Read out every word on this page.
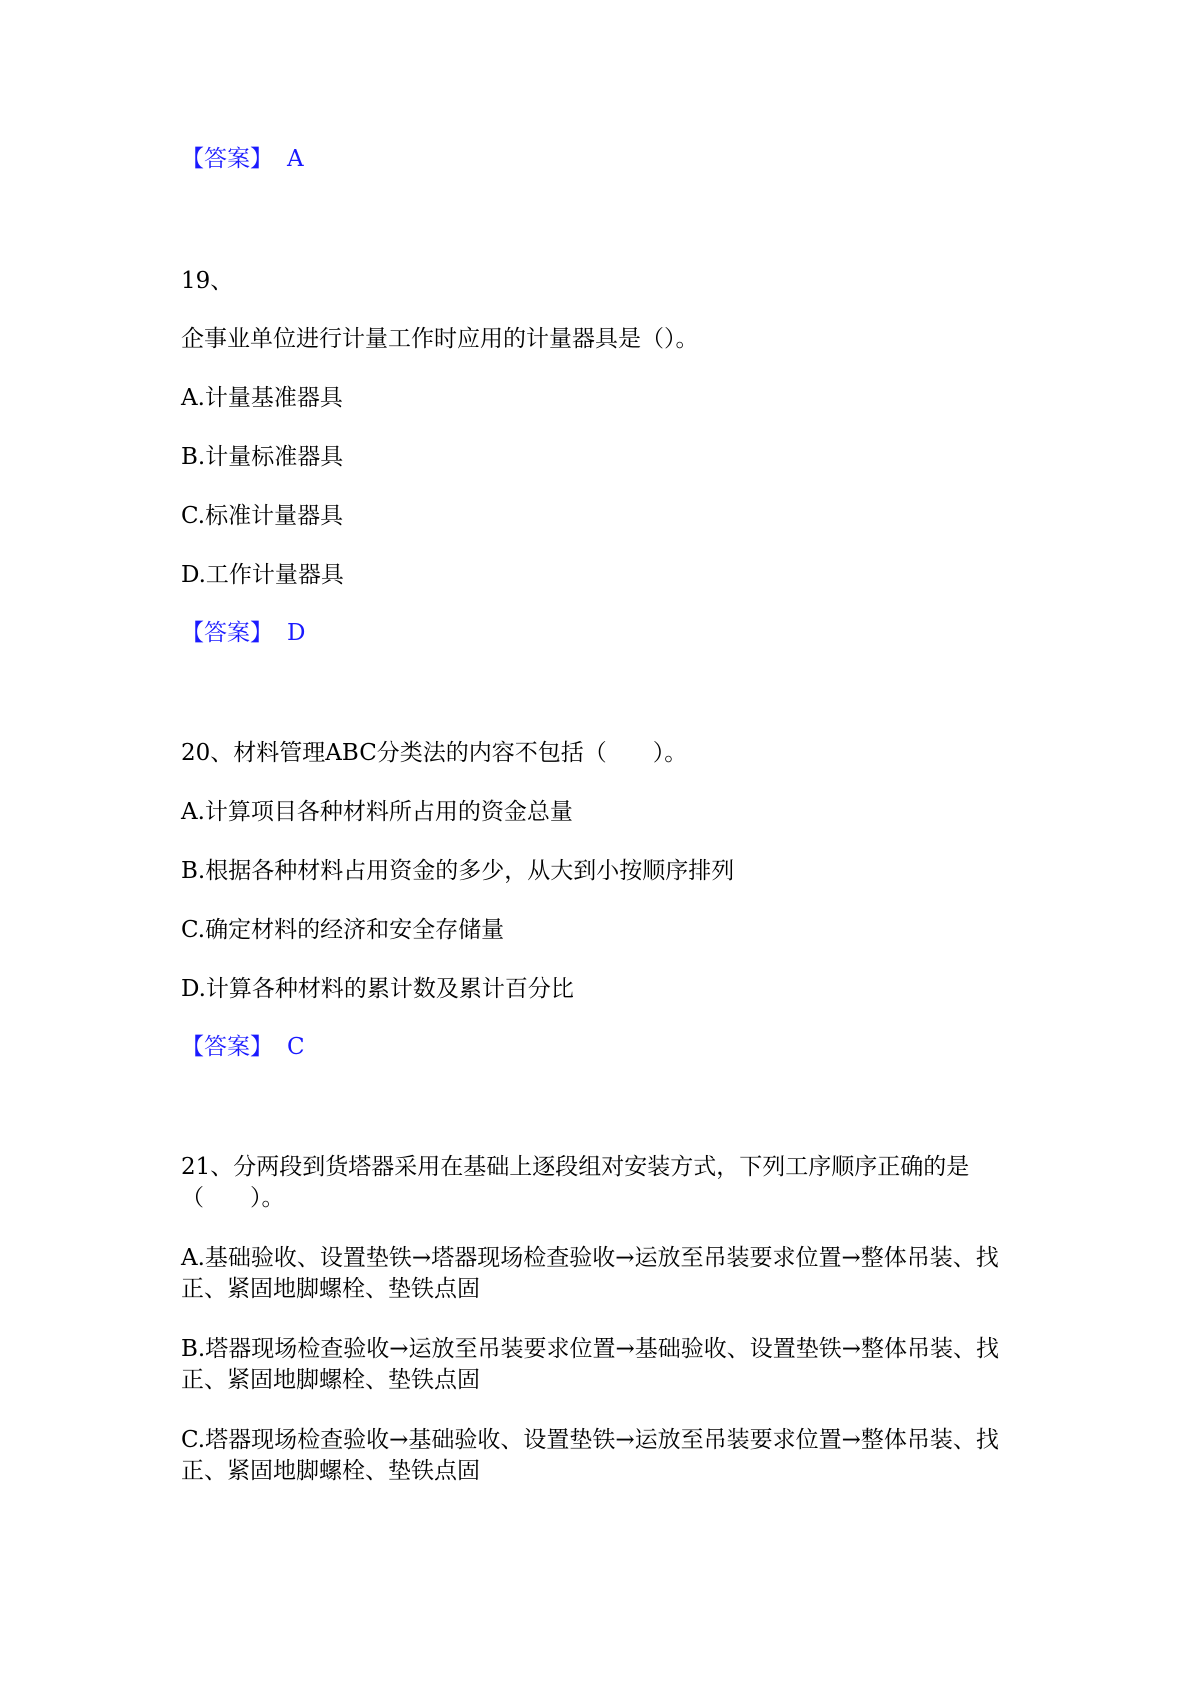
【答案】 A
19、
企事业单位进行计量工作时应用的计量器具是（）。
A.计量基准器具
B.计量标准器具
C.标准计量器具
D.工作计量器具
【答案】 D
20、材料管理ABC分类法的内容不包括（　　）。
A.计算项目各种材料所占用的资金总量
B.根据各种材料占用资金的多少，从大到小按顺序排列
C.确定材料的经济和安全存储量
D.计算各种材料的累计数及累计百分比
【答案】 C
21、分两段到货塔器采用在基础上逐段组对安装方式，下列工序顺序正确的是（　　）。
A.基础验收、设置垫铁→塔器现场检查验收→运放至吊装要求位置→整体吊装、找正、紧固地脚螺栓、垫铁点固
B.塔器现场检查验收→运放至吊装要求位置→基础验收、设置垫铁→整体吊装、找正、紧固地脚螺栓、垫铁点固
C.塔器现场检查验收→基础验收、设置垫铁→运放至吊装要求位置→整体吊装、找正、紧固地脚螺栓、垫铁点固
